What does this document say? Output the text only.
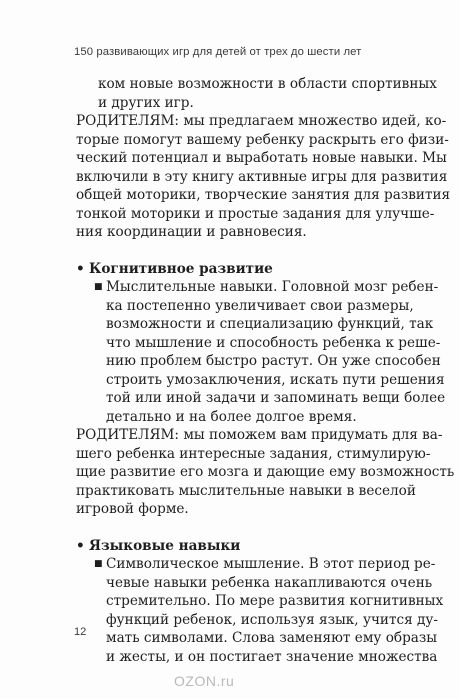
150 развивающих игр для детей от трех до шести лет
ком новые возможности в области спортивных
и других игр.
РОДИТЕЛЯМ: мы предлагаем множество идей, ко-
торые помогут вашему ребенку раскрыть его физи-
ческий потенциал и выработать новые навыки. Мы
включили в эту книгу активные игры для развития
общей моторики, творческие занятия для развития
тонкой моторики и простые задания для улучше-
ния координации и равновесия.
• Когнитивное развитие
■ Мыслительные навыки. Головной мозг ребен-
ка постепенно увеличивает свои размеры,
возможности и специализацию функций, так
что мышление и способность ребенка к реше-
нию проблем быстро растут. Он уже способен
строить умозаключения, искать пути решения
той или иной задачи и запоминать вещи более
детально и на более долгое время.
РОДИТЕЛЯМ: мы поможем вам придумать для ва-
шего ребенка интересные задания, стимулирую-
щие развитие его мозга и дающие ему возможность
практиковать мыслительные навыки в веселой
игровой форме.
• Языковые навыки
■ Символическое мышление. В этот период ре-
чевые навыки ребенка накапливаются очень
стремительно. По мере развития когнитивных
функций ребенок, используя язык, учится ду-
мать символами. Слова заменяют ему образы
и жесты, и он постигает значение множества
12
OZON.ru
